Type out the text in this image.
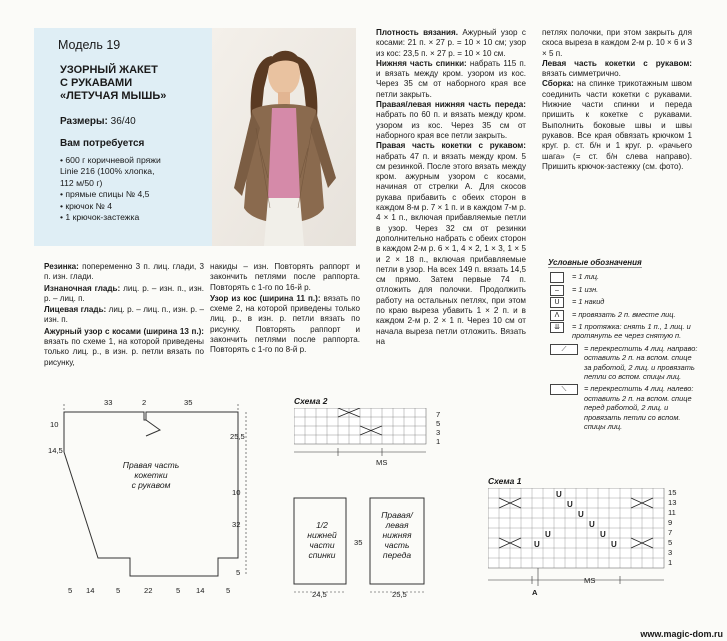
Модель 19
УЗОРНЫЙ ЖАКЕТ
С РУКАВАМИ
«ЛЕТУЧАЯ МЫШЬ»
Размеры: 36/40
Вам потребуется
• 600 г коричневой пряжи
Linie 216 (100% хлопка,
112 м/50 г)
• прямые спицы № 4,5
• крючок № 4
• 1 крючок-застежка

Резинка: попеременно 3 п. лиц. глади, 3 п. изн. глади.

Изнаночная гладь: лиц. р. – изн. п., изн. р. – лиц. п.

Лицевая гладь: лиц. р. – лиц. п., изн. р. – изн. п.

Ажурный узор с косами (ширина 13 п.): вязать по схеме 1, на которой приведены только лиц. р., в изн. р. петли вязать по рисунку,

накиды – изн. Повторять раппорт и закончить петлями после раппорта. Повторять с 1-го по 16-й р.

Узор из кос (ширина 11 п.): вязать по схеме 2, на которой приведены только лиц. р., в изн. р. петли вязать по рисунку. Повторять раппорт и закончить петлями после раппорта. Повторять с 1-го по 8-й р.

Плотность вязания. Ажурный узор с косами: 21 п. × 27 р. = 10 × 10 см; узор из кос: 23,5 п. × 27 р. = 10 × 10 см.

Нижняя часть спинки: набрать 115 п. и вязать между кром. узором из кос. Через 35 см от наборного края все петли закрыть.

Правая/левая нижняя часть переда: набрать по 60 п. и вязать между кром. узором из кос. Через 35 см от наборного края все петли закрыть.

Правая часть кокетки с рукавом: набрать 47 п. и вязать между кром. 5 см резинкой. После этого вязать между кром. ажурным узором с косами, начиная от стрелки А. Для скосов рукава прибавить с обеих сторон в каждом 8-м р. 7 × 1 п. и в каждом 7-м р. 4 × 1 п., включая прибавляемые петли в узор. Через 32 см от резинки дополнительно набрать с обеих сторон в каждом 2-м р. 6 × 1, 4 × 2, 1 × 3, 1 × 5 и 2 × 18 п., включая прибавляемые петли в узор. На всех 149 п. вязать 14,5 см прямо. Затем первые 74 п. отложить для полочки. Продолжить работу на остальных петлях, при этом по краю выреза убавить 1 × 2 п. и в каждом 2-м р. 2 × 1 п. Через 10 см от начала выреза петли отложить. Вязать на

петлях полочки, при этом закрыть для скоса выреза в каждом 2-м р. 10 × 6 и 3 × 5 п.

Левая часть кокетки с рукавом: вязать симметрично.

Сборка: на спинке трикотажным швом соединить части кокетки с рукавами. Нижние части спинки и переда пришить к кокетке с рукавами. Выполнить боковые швы и швы рукавов. Все края обвязать крючком 1 круг. р. ст. б/н и 1 круг. р. «рачьего шага» (= ст. б/н слева направо). Пришить крючок-застежку (см. фото).

Условные обозначения
= 1 лиц.
–	= 1 изн.
U	= 1 накид
Ʌ	= провязать 2 п. вместе лиц.
⇊	= 1 протяжка: снять 1 п., 1 лиц. и протянуть ее через снятую п.
⟋	= перекрестить 4 лиц. направо: оставить 2 п. на вспом. спице за работой, 2 лиц. и провязать петли со вспом. спицы лиц.
⟍	= перекрестить 4 лиц. налево: оставить 2 п. на вспом. спице перед работой, 2 лиц. и провязать петли со вспом. спицы лиц.
33	2	35
10
14,5
25,5
10
32
5
Правая часть
кокетки
с рукавом
5 14	5	22	5 14	5
1/2
нижней
части
спинки
Правая/
левая
нижняя
часть
переда
35
24,5	25,5
Схема 2
7
5
3
1
MS
Схема 1
U
U
U
U
U
U
U
U
15
13
11
9
7
5
3
1
MS
A
www.magic-dom.ru
